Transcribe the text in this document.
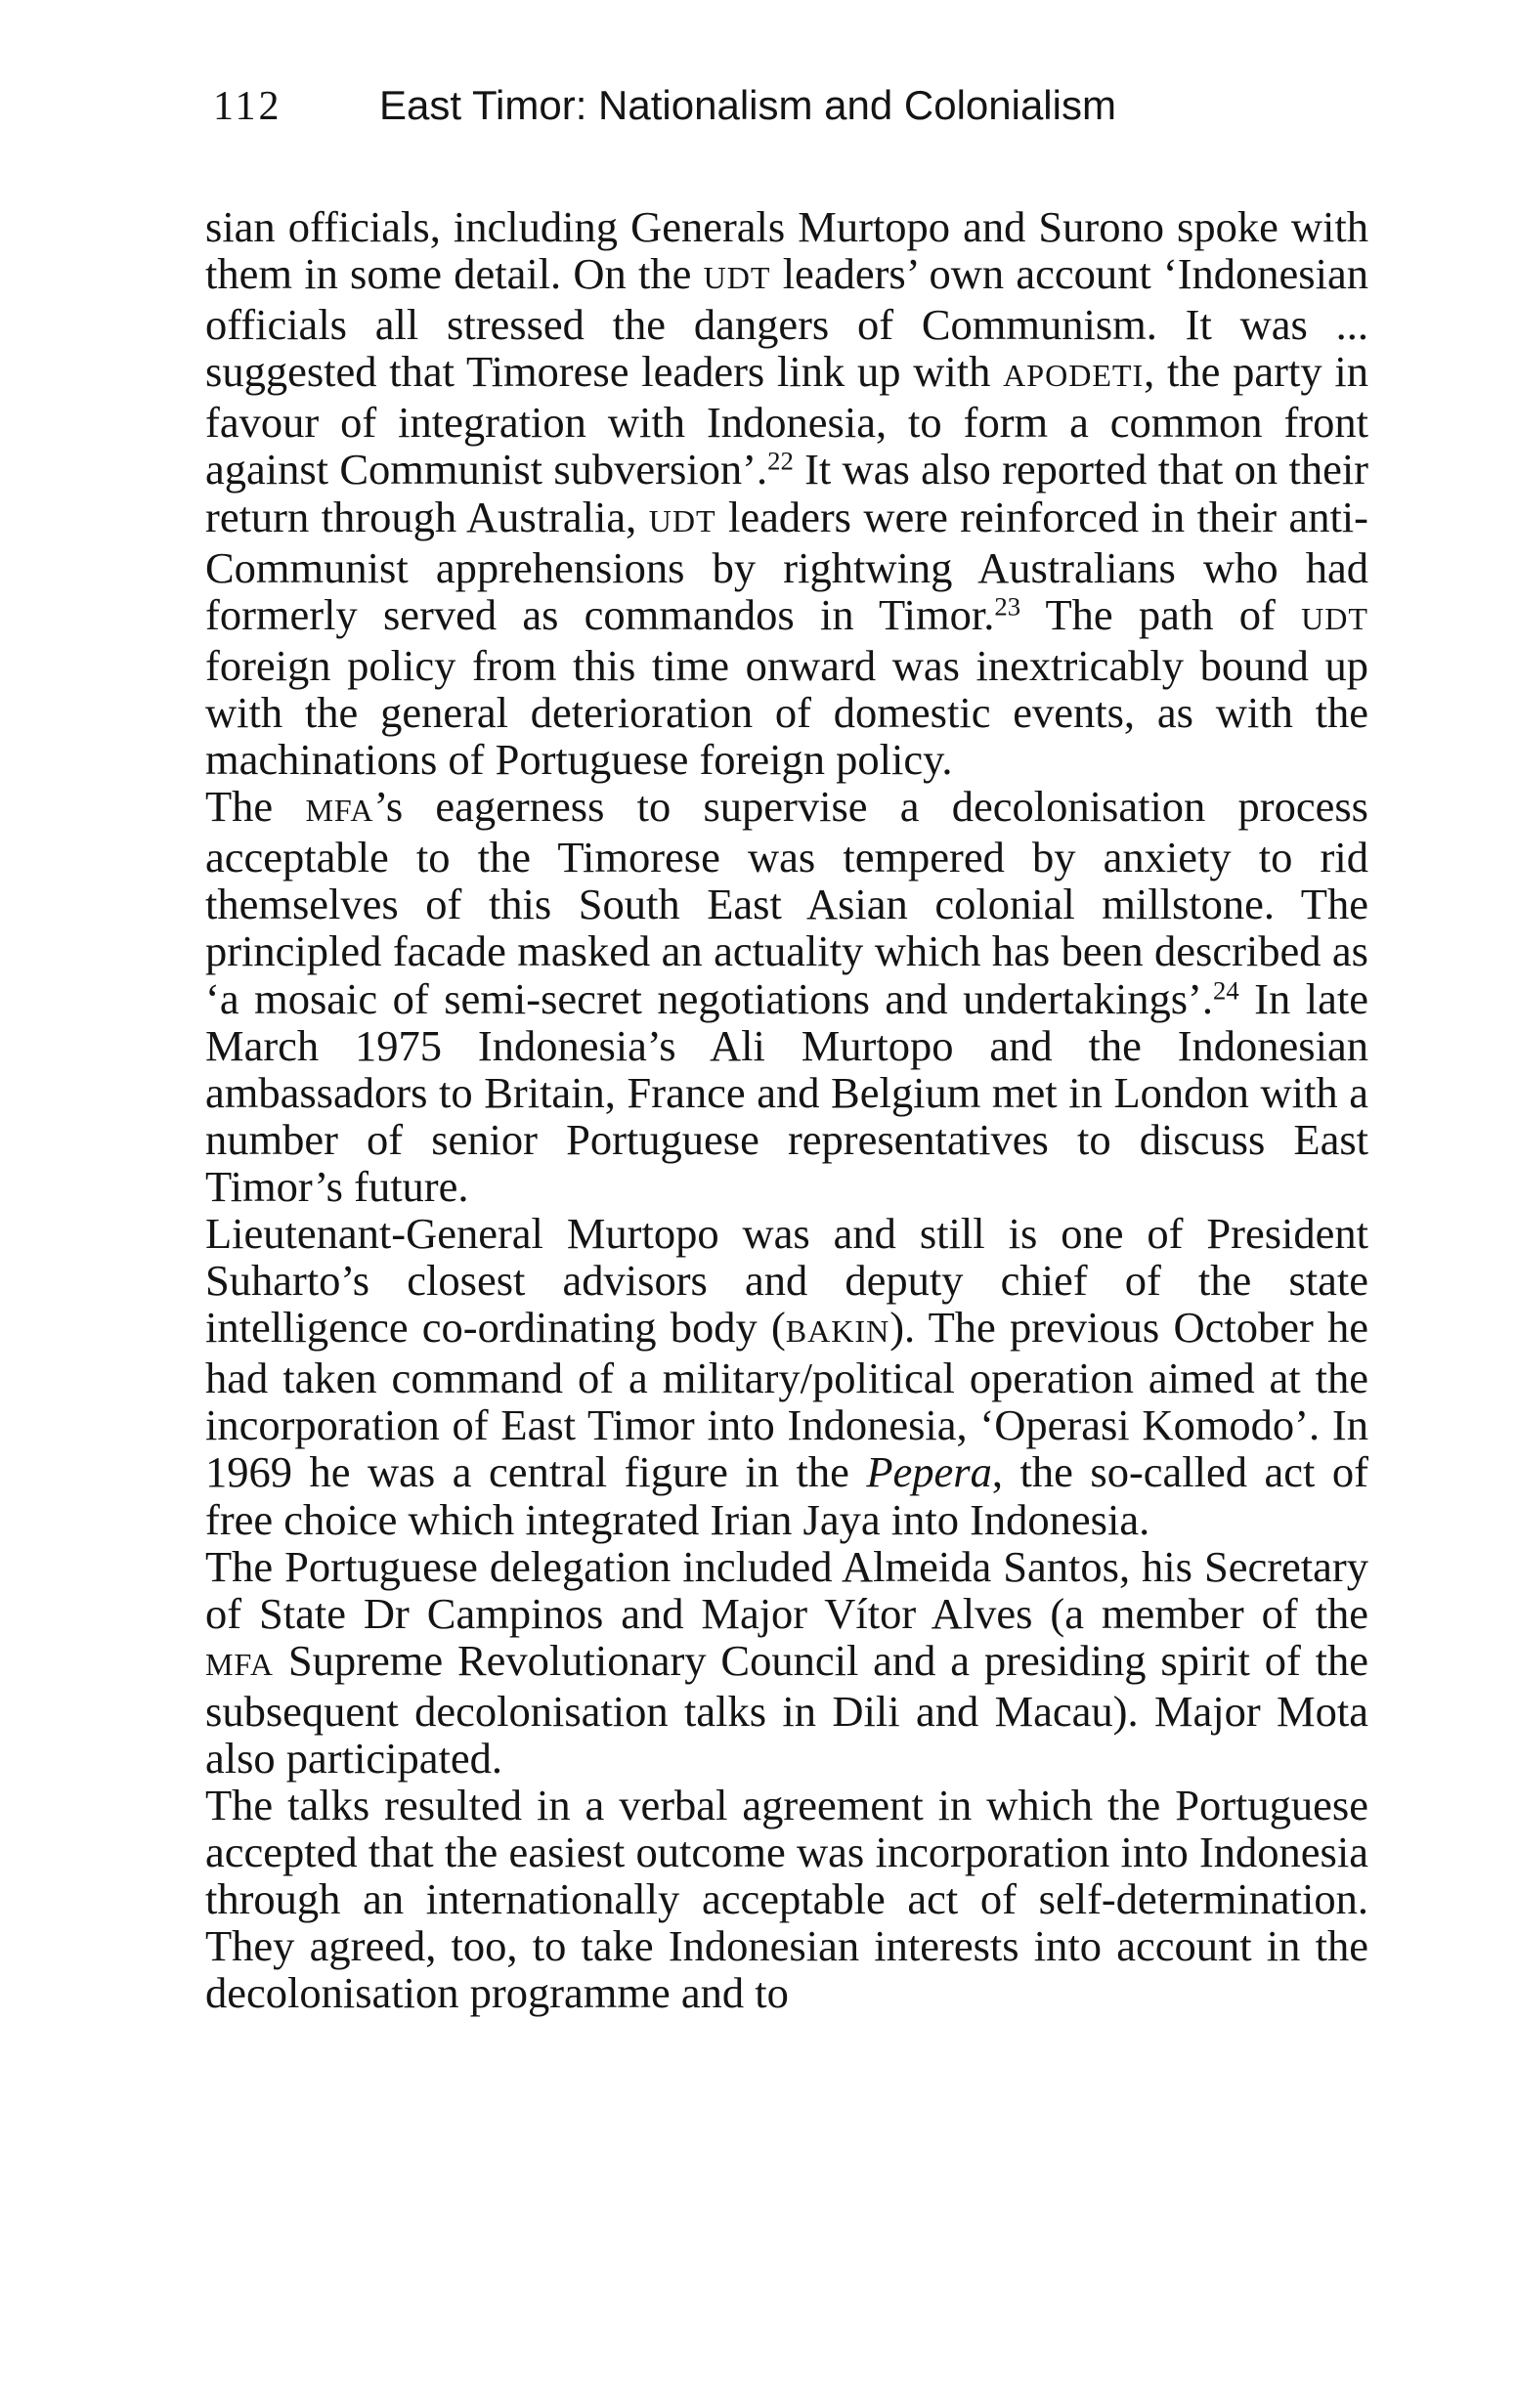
112 East Timor: Nationalism and Colonialism

sian officials, including Generals Murtopo and Surono spoke with them in some detail. On the UDT leaders’ own account ‘Indonesian officials all stressed the dangers of Communism. It was ... suggested that Timorese leaders link up with APODETI, the party in favour of integration with Indonesia, to form a common front against Communist subversion’.$^{22}$ It was also reported that on their return through Australia, UDT leaders were reinforced in their anti-Communist apprehensions by rightwing Australians who had formerly served as commandos in Timor.$^{23}$ The path of UDT foreign policy from this time onward was inextricably bound up with the general deterioration of domestic events, as with the machinations of Portuguese foreign policy.

The MFA’s eagerness to supervise a decolonisation process acceptable to the Timorese was tempered by anxiety to rid themselves of this South East Asian colonial millstone. The principled facade masked an actuality which has been described as ‘a mosaic of semi-secret negotiations and undertakings’.$^{24}$ In late March 1975 Indonesia’s Ali Murtopo and the Indonesian ambassadors to Britain, France and Belgium met in London with a number of senior Portuguese representatives to discuss East Timor’s future.

Lieutenant-General Murtopo was and still is one of President Suharto’s closest advisors and deputy chief of the state intelligence co-ordinating body (BAKIN). The previous October he had taken command of a military/political operation aimed at the incorporation of East Timor into Indonesia, ‘Operasi Komodo’. In 1969 he was a central figure in the Pepera, the so-called act of free choice which integrated Irian Jaya into Indonesia.

The Portuguese delegation included Almeida Santos, his Secretary of State Dr Campinos and Major Vítor Alves (a member of the MFA Supreme Revolutionary Council and a presiding spirit of the subsequent decolonisation talks in Dili and Macau). Major Mota also participated.

The talks resulted in a verbal agreement in which the Portuguese accepted that the easiest outcome was incorporation into Indonesia through an internationally acceptable act of self-determination. They agreed, too, to take Indonesian interests into account in the decolonisation programme and to
